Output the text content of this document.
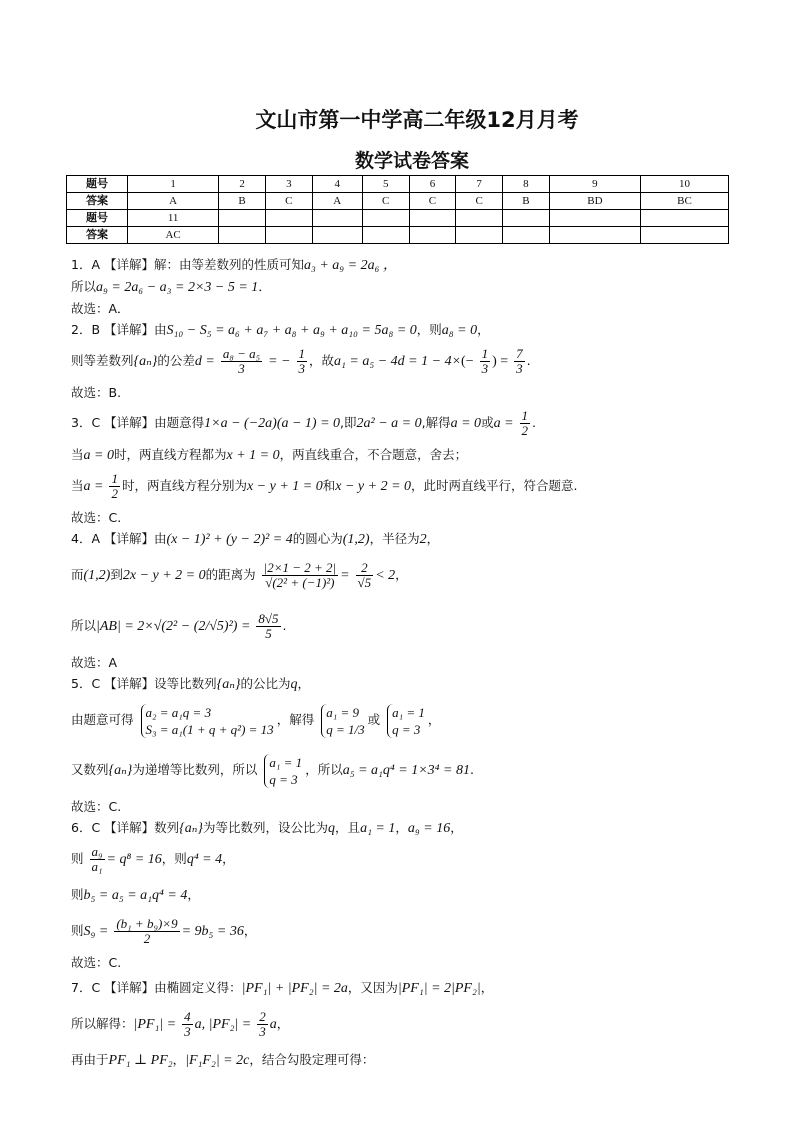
文山市第一中学高二年级12月月考
数学试卷答案
题号	1	2	3	4	5	6	7	8	9	10
答案	A	B	C	A	C	C	C	B	BD	BC
题号	11									
答案	AC									
1．A 【详解】解：由等差数列的性质可知a₃ + a₉ = 2a₆ ，
所以a₉ = 2a₆ − a₃ = 2×3 − 5 = 1．
故选：A．
2．B 【详解】由S₁₀ − S₅ = a₆ + a₇ + a₈ + a₉ + a₁₀ = 5a₈ = 0，则a₈ = 0，
则等差数列{aₙ}的公差$d = \frac{\text{a₈ − a₅}}{3}$ = − $\frac{1}{3}$ ，故$a_1 = a_5 - 4d = 1 - 4\times(- \frac{1}{3}$ ) = $\frac{7}{3}$ .
故选：B.
3．C 【详解】由题意得1×a − (−2a)(a − 1) = 0,即2a² − a = 0,解得a = 0或$a = \frac{1}{2}$ .
当a = 0时，两直线方程都为x + 1 = 0，两直线重合，不合题意，舍去；
当$a = \frac{1}{2}$ 时，两直线方程分别为x − y + 1 = 0和x − y + 2 = 0，此时两直线平行，符合题意.
故选：C.
4．A 【详解】由(x − 1)² + (y − 2)² = 4的圆心为(1,2)，半径为2，
而(1,2)到2x − y + 2 = 0的距离为 $\frac{|2\times 1 - 2 + 2|}{\text{√(2² + (−1)²)}} = \frac{2}{√5} < 2$，
所以$|AB| = 2\times√(2^2 - (2/√5)^2) = \frac{8√5}{5}$ .
故选：A
5．C 【详解】设等比数列{aₙ}的公比为q，
由题意可得 a₂ = a₁q = 3
S₃ = a₁(1 + q + q²) = 13
，解得 a₁ = 9
q = 1/3
或 a₁ = 1
q = 3
，
又数列{aₙ}为递增等比数列，所以 a₁ = 1
q = 3
，所以a₅ = a₁q⁴ = 1×3⁴ = 81.
故选：C.
6．C 【详解】数列{aₙ}为等比数列，设公比为q，且a₁ = 1，a₉ = 16，
则 $\frac{\text{a₉}}{\text{a₁}} = q^8 = 16$，则q⁴ = 4，
则b₅ = a₅ = a₁q⁴ = 4，
则$S_9 = \frac{\text{(b₁ + b₉)×9}}{2} = 9b_5 = 36$，
故选：C.
7．C 【详解】由椭圆定义得：|PF₁| + |PF₂| = 2a，又因为|PF₁| = 2|PF₂|，
所以解得：$|PF_1| = \frac{4}{3} a$, $|PF_2| = \frac{2}{3}$ a，
再由于PF₁ ⊥ PF₂，|F₁F₂| = 2c，结合勾股定理可得：
